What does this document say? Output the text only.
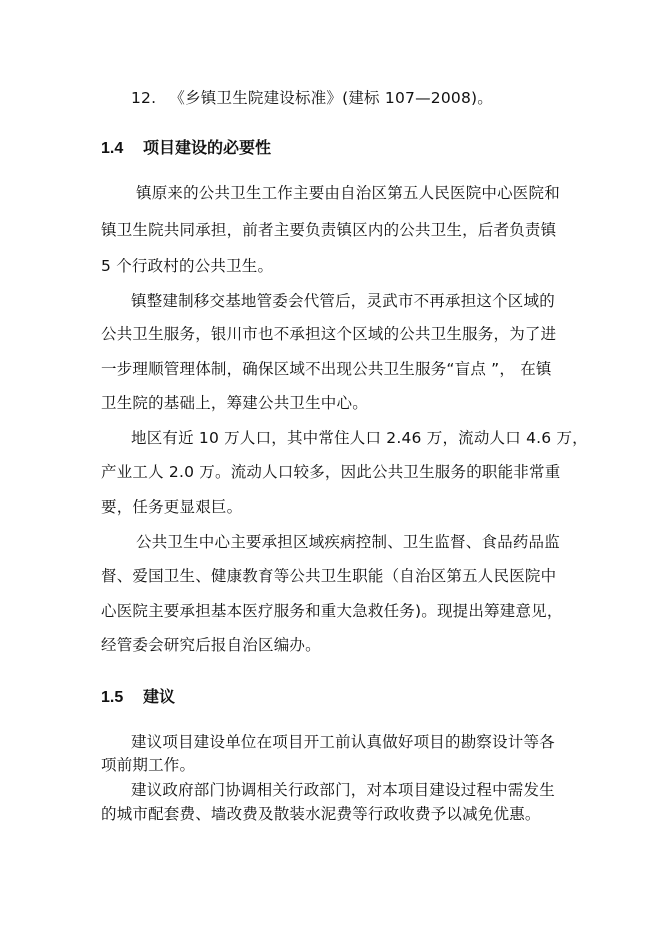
12. 《乡镇卫生院建设标准》(建标 107—2008)。
1.4 项目建设的必要性
镇原来的公共卫生工作主要由自治区第五人民医院中心医院和
镇卫生院共同承担，前者主要负责镇区内的公共卫生，后者负责镇
5 个行政村的公共卫生。
镇整建制移交基地管委会代管后，灵武市不再承担这个区域的
公共卫生服务，银川市也不承担这个区域的公共卫生服务，为了进
一步理顺管理体制，确保区域不出现公共卫生服务“盲点 ”， 在镇
卫生院的基础上，筹建公共卫生中心。
地区有近 10 万人口，其中常住人口 2.46 万，流动人口 4.6 万，
产业工人 2.0 万。流动人口较多，因此公共卫生服务的职能非常重
要，任务更显艰巨。
公共卫生中心主要承担区域疾病控制、卫生监督、食品药品监
督、爱国卫生、健康教育等公共卫生职能（自治区第五人民医院中
心医院主要承担基本医疗服务和重大急救任务)。现提出筹建意见，
经管委会研究后报自治区编办。
1.5 建议
建议项目建设单位在项目开工前认真做好项目的勘察设计等各
项前期工作。
建议政府部门协调相关行政部门，对本项目建设过程中需发生
的城市配套费、墙改费及散装水泥费等行政收费予以减免优惠。
